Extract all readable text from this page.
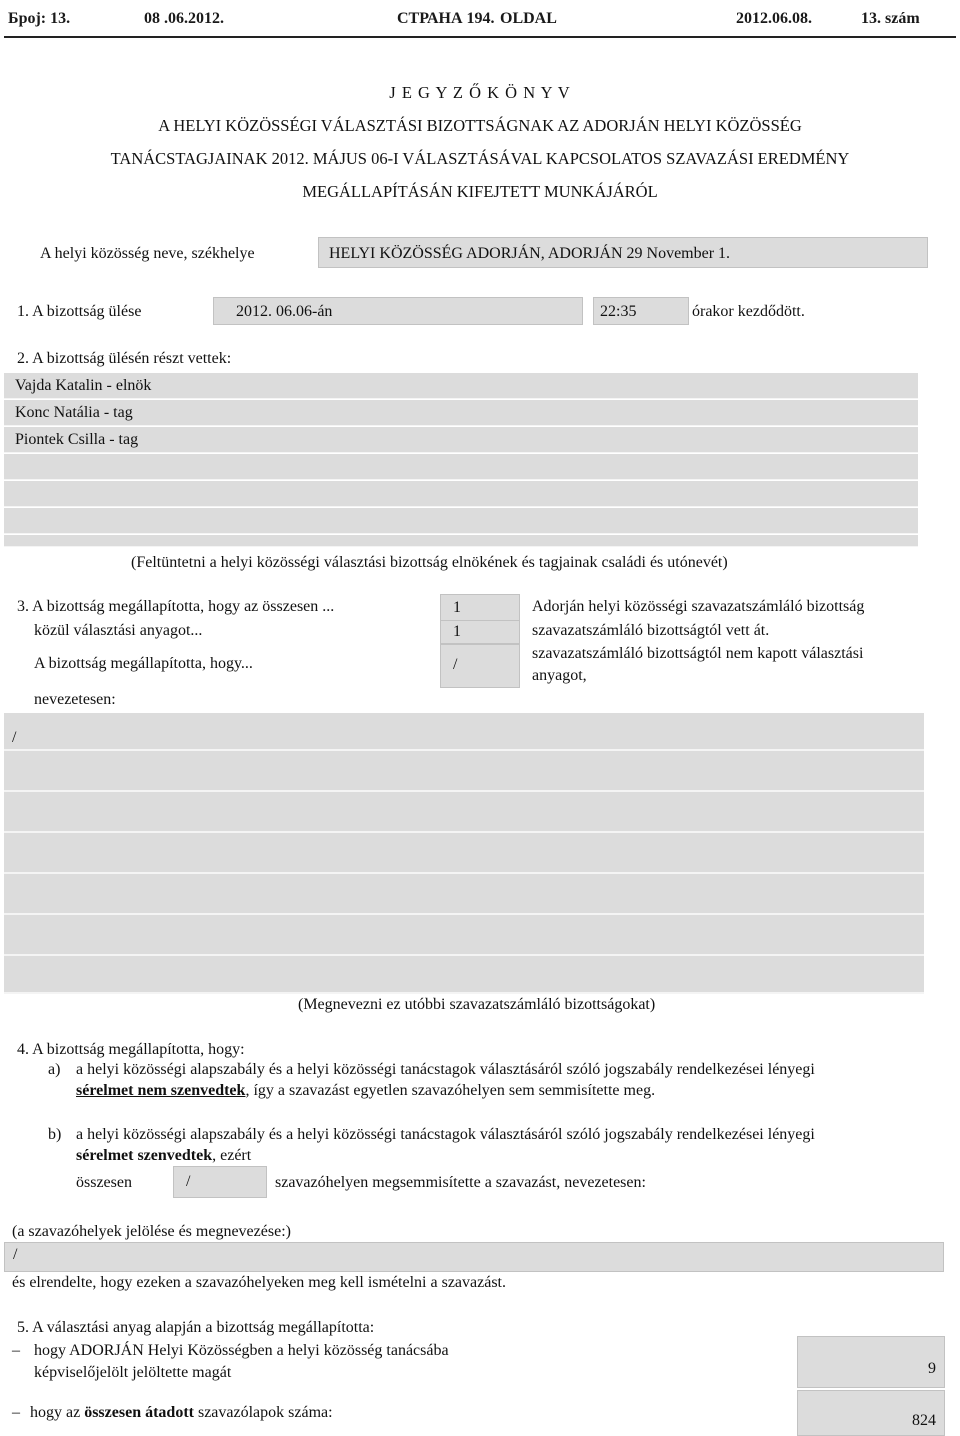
Број: 13.	08 .06.2012.	СТРАНА 194. OLDAL	2012.06.08.	13. szám
J E G Y Z Ő K Ö N Y V
A HELYI KÖZÖSSÉGI VÁLASZTÁSI BIZOTTSÁGNAK AZ ADORJÁN HELYI KÖZÖSSÉG
TANÁCSTAGJAINAK 2012. MÁJUS 06-I VÁLASZTÁSÁVAL KAPCSOLATOS SZAVAZÁSI EREDMÉNY
MEGÁLLAPÍTÁSÁN KIFEJTETT MUNKÁJÁRÓL
A helyi közösség neve, székhelye	HELYI KÖZÖSSÉG ADORJÁN, ADORJÁN 29 November 1.
1. A bizottság ülése	2012. 06.06-án	22:35	órakor kezdődött.
2. A bizottság ülésén részt vettek:
Vajda Katalin - elnök
Konc Natália - tag
Piontek Csilla - tag
(Feltüntetni a helyi közösségi választási bizottság elnökének és tagjainak családi és utónevét)
3. A bizottság megállapította, hogy az összesen ...	1	Adorján helyi közösségi szavazatszámláló bizottság
közül választási anyagot...	1	szavazatszámláló bizottságtól vett át.
A bizottság megállapította, hogy...	/
szavazatszámláló bizottságtól nem kapott választási
anyagot,
nevezetesen:
/
(Megnevezni ez utóbbi szavazatszámláló bizottságokat)
4. A bizottság megállapította, hogy:
a) a helyi közösségi alapszabály és a helyi közösségi tanácstagok választásáról szóló jogszabály rendelkezései lényegi
sérelmet nem szenvedtek, így a szavazást egyetlen szavazóhelyen sem semmisítette meg.
b) a helyi közösségi alapszabály és a helyi közösségi tanácstagok választásáról szóló jogszabály rendelkezései lényegi
sérelmet szenvedtek, ezért
összesen	/	szavazóhelyen megsemmisítette a szavazást, nevezetesen:
(a szavazóhelyek jelölése és megnevezése:)
/
és elrendelte, hogy ezeken a szavazóhelyeken meg kell ismételni a szavazást.
5. A választási anyag alapján a bizottság megállapította:
– hogy ADORJÁN Helyi Közösségben a helyi közösség tanácsába
képviselőjelölt jelöltette magát	9
– hogy az összesen átadott szavazólapok száma:	824
